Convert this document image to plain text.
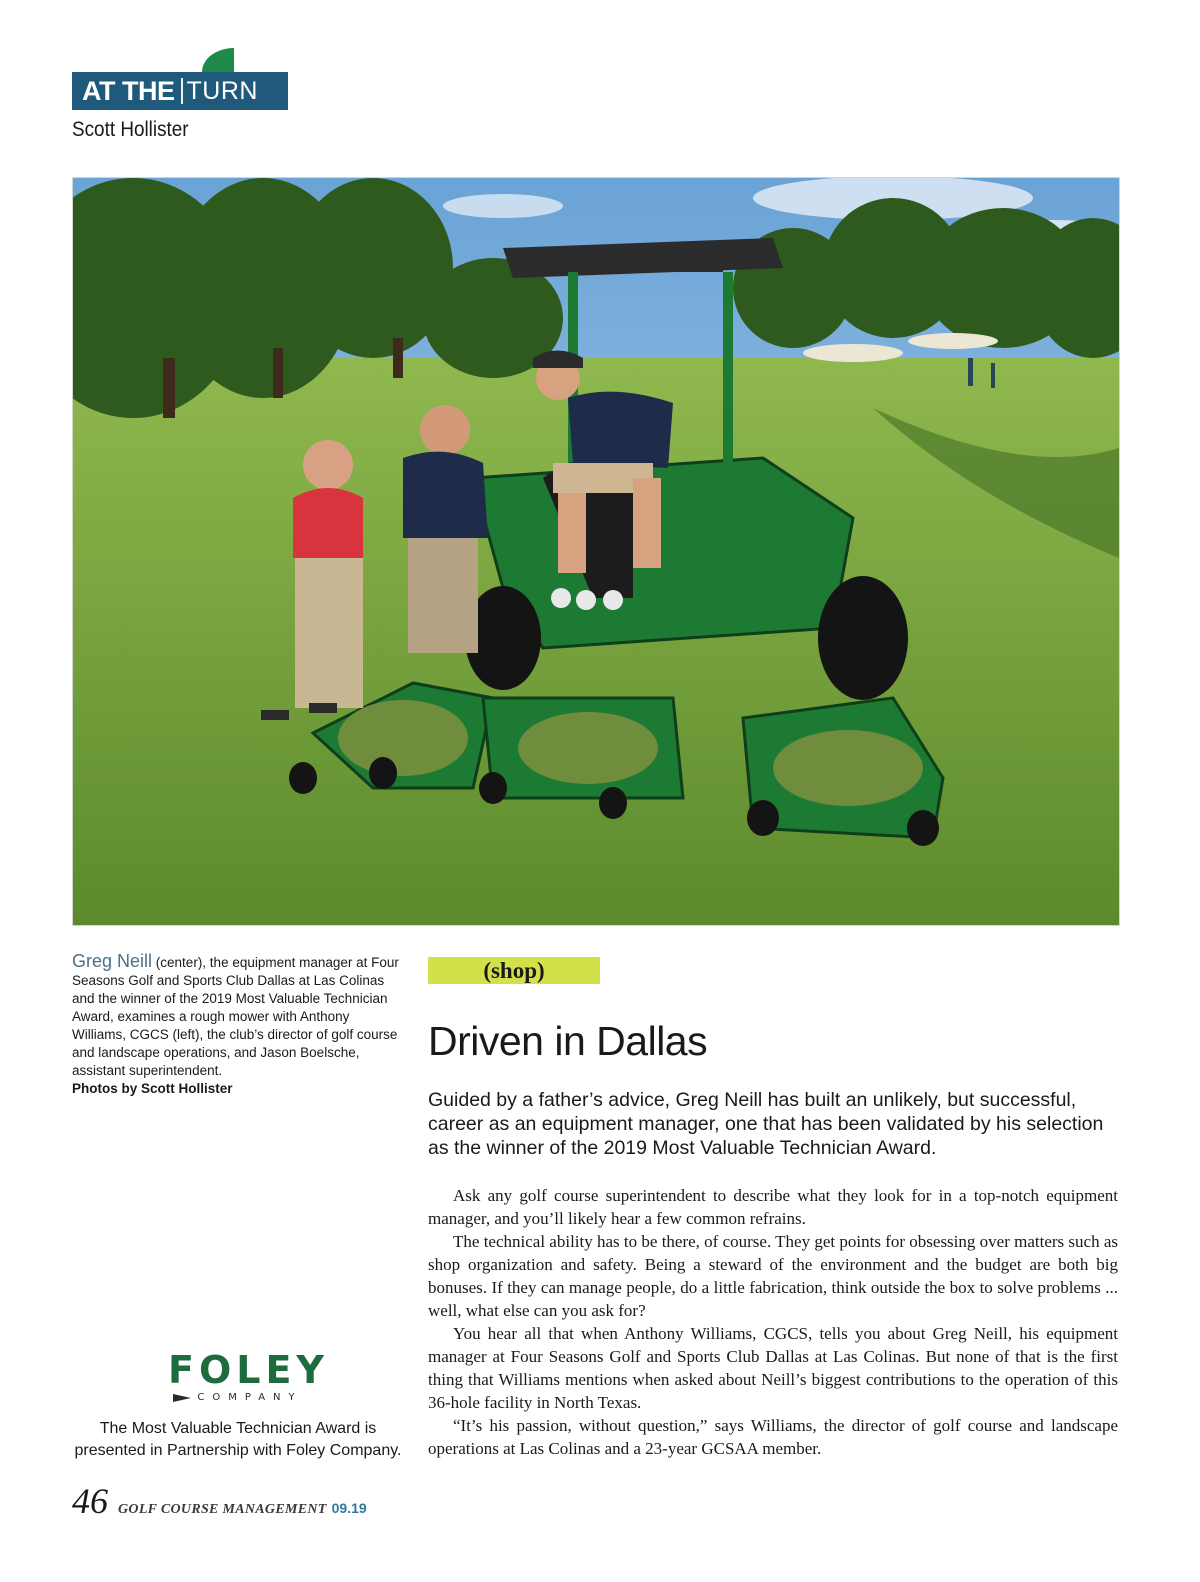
AT THE TURN
Scott Hollister
Greg Neill (center), the equipment manager at Four Seasons Golf and Sports Club Dallas at Las Colinas and the winner of the 2019 Most Valuable Technician Award, examines a rough mower with Anthony Williams, CGCS (left), the club’s director of golf course and landscape operations, and Jason Boelsche, assistant superintendent.
Photos by Scott Hollister
(shop)
Driven in Dallas

Guided by a father’s advice, Greg Neill has built an unlikely, but successful, career as an equipment manager, one that has been validated by his selection as the winner of the 2019 Most Valuable Technician Award.

Ask any golf course superintendent to describe what they look for in a top-notch equipment manager, and you’ll likely hear a few common refrains.

The technical ability has to be there, of course. They get points for obsessing over matters such as shop organization and safety. Being a steward of the environment and the budget are both big bonuses. If they can manage people, do a little fabrication, think outside the box to solve problems ... well, what else can you ask for?

You hear all that when Anthony Williams, CGCS, tells you about Greg Neill, his equipment manager at Four Seasons Golf and Sports Club Dallas at Las Colinas. But none of that is the first thing that Williams mentions when asked about Neill’s biggest contributions to the operation of this 36-hole facility in North Texas.

“It’s his passion, without question,” says Williams, the director of golf course and landscape operations at Las Colinas and a 23-year GCSAA member.

FOLEY
COMPANY
The Most Valuable Technician Award is presented in Partnership with Foley Company.
46 GOLF COURSE MANAGEMENT 09.19
